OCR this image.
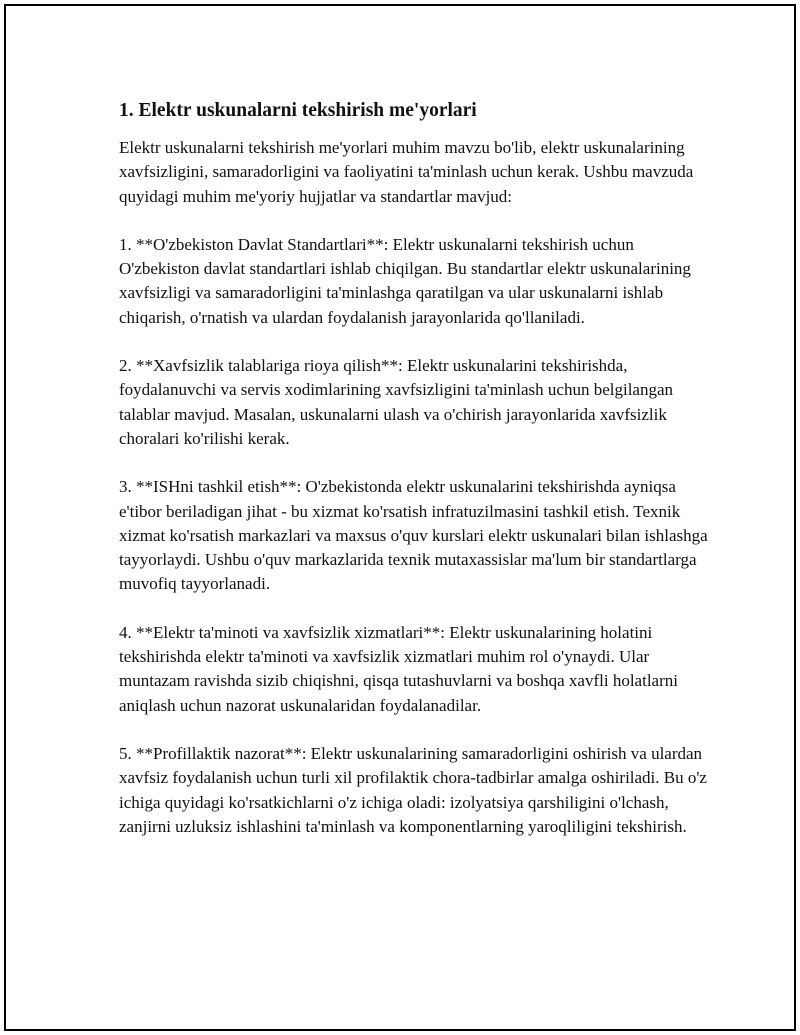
1. Elektr uskunalarni tekshirish me'yorlari

Elektr uskunalarni tekshirish me'yorlari muhim mavzu bo'lib, elektr uskunalarining xavfsizligini, samaradorligini va faoliyatini ta'minlash uchun kerak. Ushbu mavzuda quyidagi muhim me'yoriy hujjatlar va standartlar mavjud:

1. **O'zbekiston Davlat Standartlari**: Elektr uskunalarni tekshirish uchun O'zbekiston davlat standartlari ishlab chiqilgan. Bu standartlar elektr uskunalarining xavfsizligi va samaradorligini ta'minlashga qaratilgan va ular uskunalarni ishlab chiqarish, o'rnatish va ulardan foydalanish jarayonlarida qo'llaniladi.

2. **Xavfsizlik talablariga rioya qilish**: Elektr uskunalarini tekshirishda, foydalanuvchi va servis xodimlarining xavfsizligini ta'minlash uchun belgilangan talablar mavjud. Masalan, uskunalarni ulash va o'chirish jarayonlarida xavfsizlik choralari ko'rilishi kerak.

3. **ISHni tashkil etish**: O'zbekistonda elektr uskunalarini tekshirishda ayniqsa e'tibor beriladigan jihat - bu xizmat ko'rsatish infratuzilmasini tashkil etish. Texnik xizmat ko'rsatish markazlari va maxsus o'quv kurslari elektr uskunalari bilan ishlashga tayyorlaydi. Ushbu o'quv markazlarida texnik mutaxassislar ma'lum bir standartlarga muvofiq tayyorlanadi.

4. **Elektr ta'minoti va xavfsizlik xizmatlari**: Elektr uskunalarining holatini tekshirishda elektr ta'minoti va xavfsizlik xizmatlari muhim rol o'ynaydi. Ular muntazam ravishda sizib chiqishni, qisqa tutashuvlarni va boshqa xavfli holatlarni aniqlash uchun nazorat uskunalaridan foydalanadilar.

5. **Profillaktik nazorat**: Elektr uskunalarining samaradorligini oshirish va ulardan xavfsiz foydalanish uchun turli xil profilaktik chora-tadbirlar amalga oshiriladi. Bu o'z ichiga quyidagi ko'rsatkichlarni o'z ichiga oladi: izolyatsiya qarshiligini o'lchash, zanjirni uzluksiz ishlashini ta'minlash va komponentlarning yaroqliligini tekshirish.
